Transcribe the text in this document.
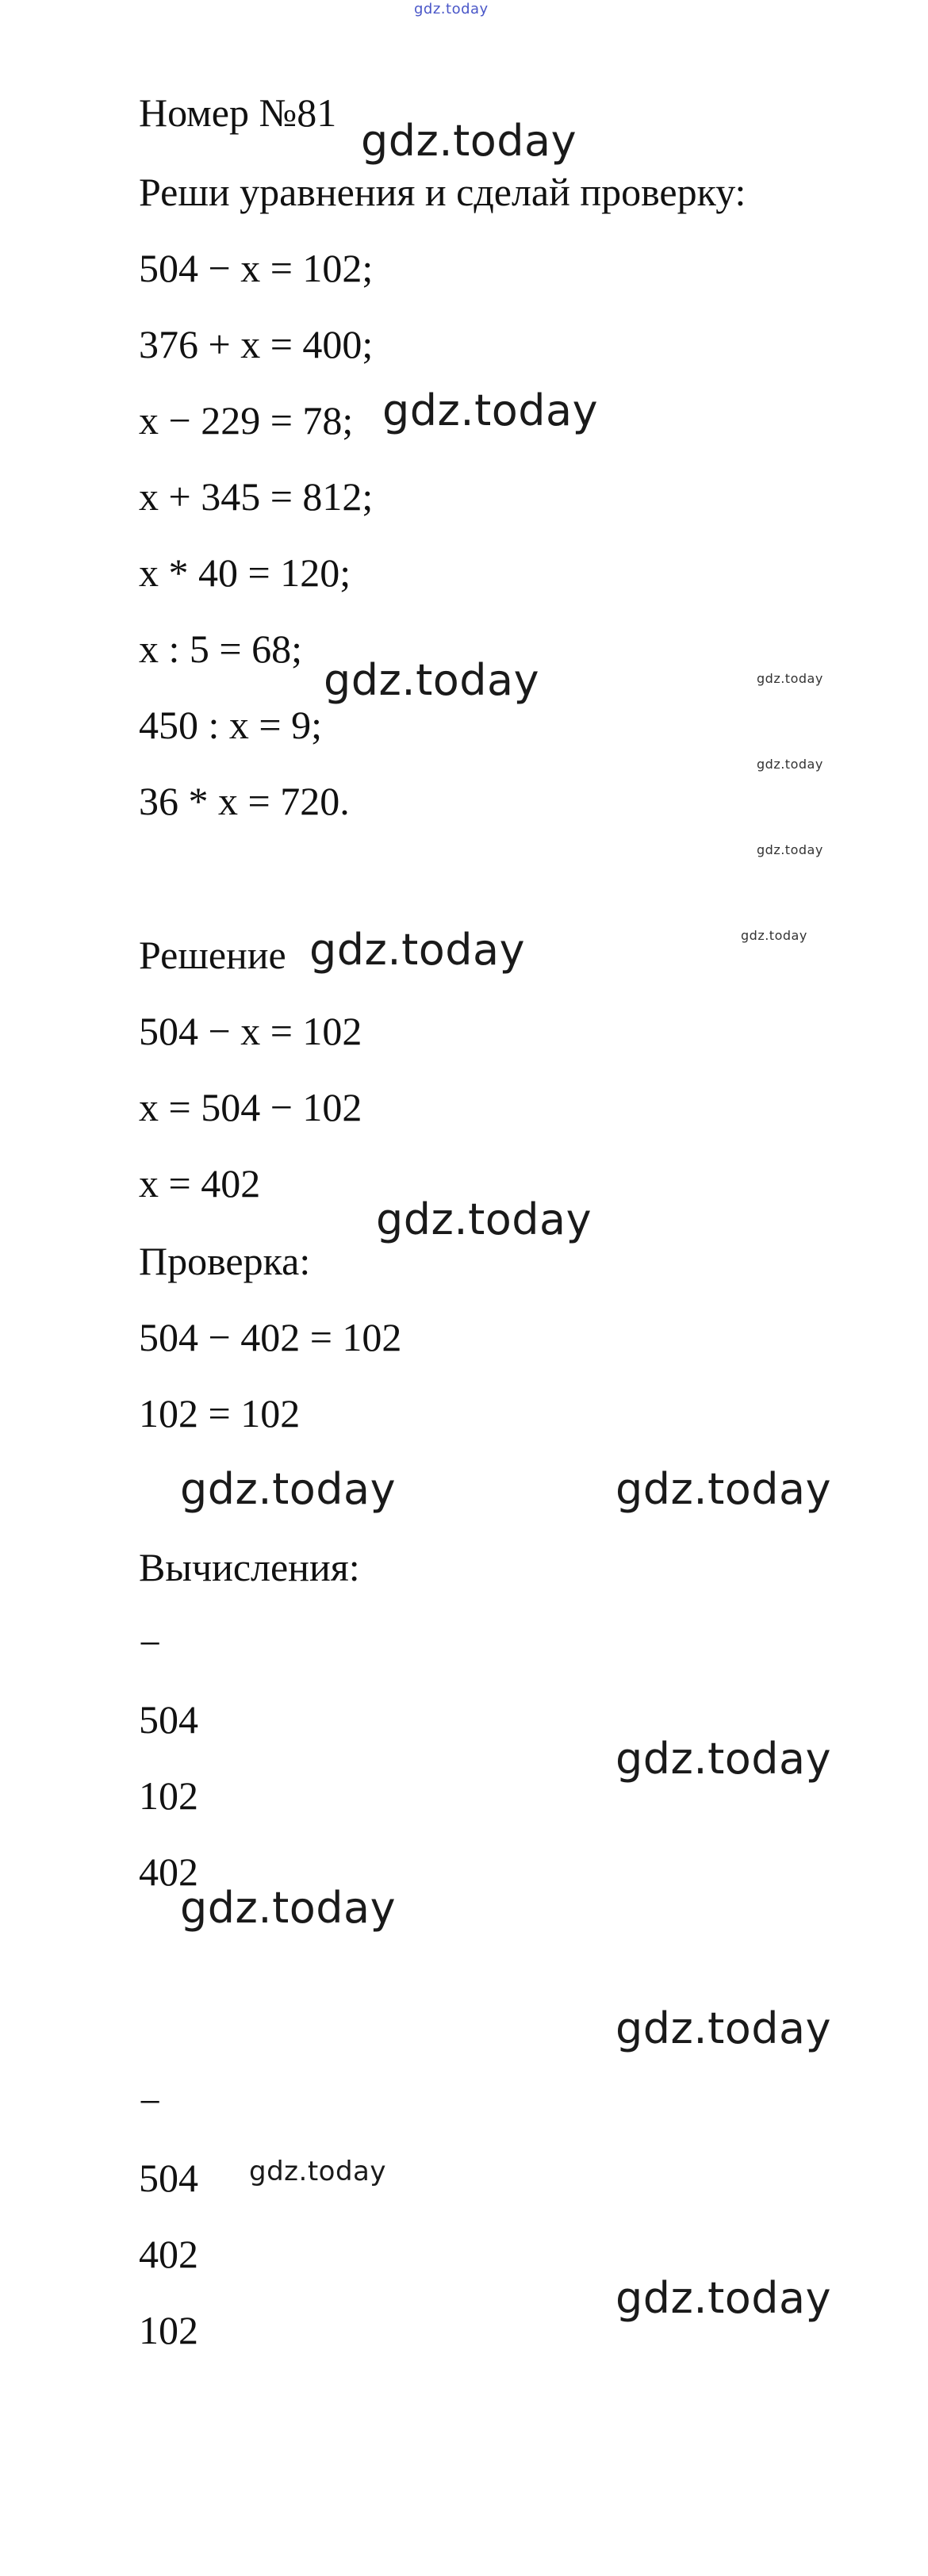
gdz.today
Номер №81
Реши уравнения и сделай проверку:
504 − x = 102;
376 + x = 400;
x − 229 = 78;
x + 345 = 812;
x * 40 = 120;
x : 5 = 68;
450 : x = 9;
36 * x = 720.
Решение
504 − x = 102
x = 504 − 102
x = 402
Проверка:
504 − 402 = 102
102 = 102
Вычисления:
−
504
102
402
−
504
402
102
gdz.today
gdz.today
gdz.today
gdz.today
gdz.today
gdz.today	gdz.today
gdz.today
gdz.today
gdz.today
gdz.today
gdz.today
gdz.today
gdz.today
gdz.today
gdz.today
